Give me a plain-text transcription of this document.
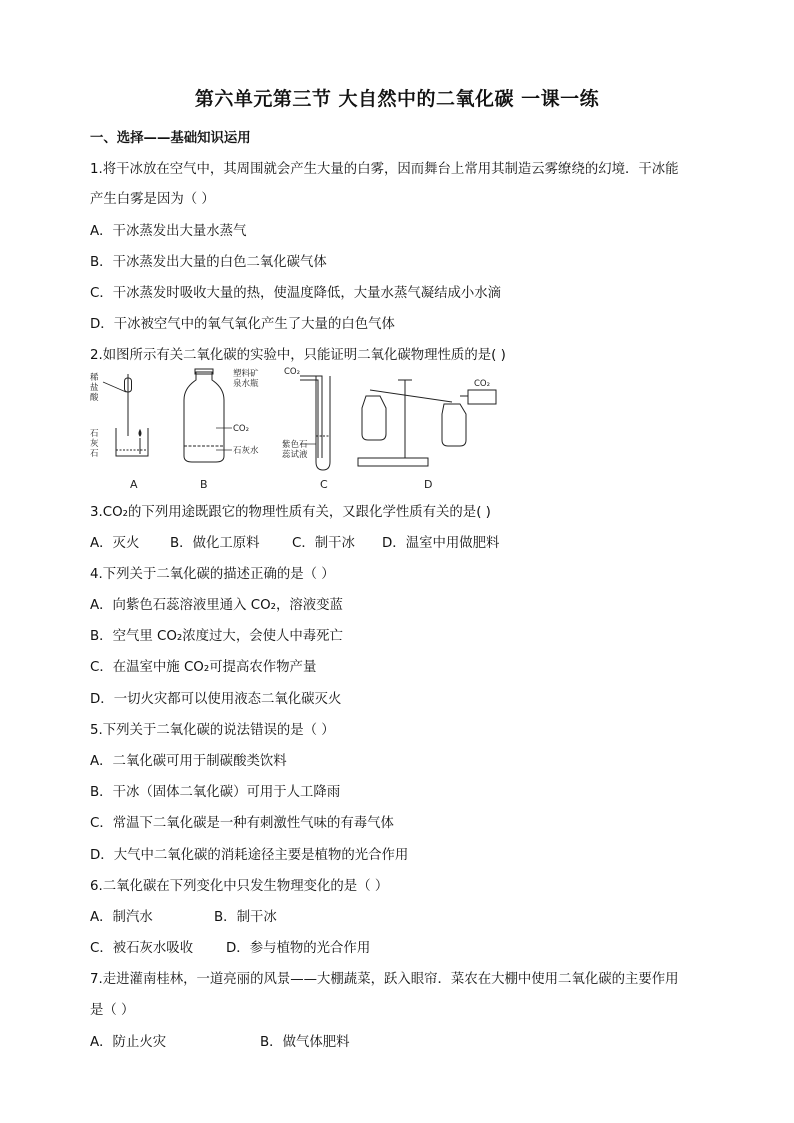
第六单元第三节 大自然中的二氧化碳 一课一练
一、选择——基础知识运用
1.将干冰放在空气中，其周围就会产生大量的白雾，因而舞台上常用其制造云雾缭绕的幻境．干冰能
产生白雾是因为（ ）
A．干冰蒸发出大量水蒸气
B．干冰蒸发出大量的白色二氧化碳气体
C．干冰蒸发时吸收大量的热，使温度降低，大量水蒸气凝结成小水滴
D．干冰被空气中的氧气氧化产生了大量的白色气体
2.如图所示有关二氧化碳的实验中，只能证明二氧化碳物理性质的是( )
稀
盐
酸
石
灰
石
塑料矿
泉水瓶
CO₂
石灰水
CO₂
紫色石
蕊试液
CO₂
A	B	C	D
3.CO₂的下列用途既跟它的物理性质有关，又跟化学性质有关的是( )
A．灭火 B．做化工原料 C．制干冰 D．温室中用做肥料
4.下列关于二氧化碳的描述正确的是（ ）
A．向紫色石蕊溶液里通入 CO₂，溶液变蓝
B．空气里 CO₂浓度过大，会使人中毒死亡
C．在温室中施 CO₂可提高农作物产量
D．一切火灾都可以使用液态二氧化碳灭火
5.下列关于二氧化碳的说法错误的是（ ）
A．二氧化碳可用于制碳酸类饮料
B．干冰（固体二氧化碳）可用于人工降雨
C．常温下二氧化碳是一种有刺激性气味的有毒气体
D．大气中二氧化碳的消耗途径主要是植物的光合作用
6.二氧化碳在下列变化中只发生物理变化的是（ ）
A．制汽水	B．制干冰
C．被石灰水吸收 D．参与植物的光合作用
7.走进灌南桂林，一道亮丽的风景——大棚蔬菜，跃入眼帘．菜农在大棚中使用二氧化碳的主要作用
是（ ）
A．防止火灾	B．做气体肥料
